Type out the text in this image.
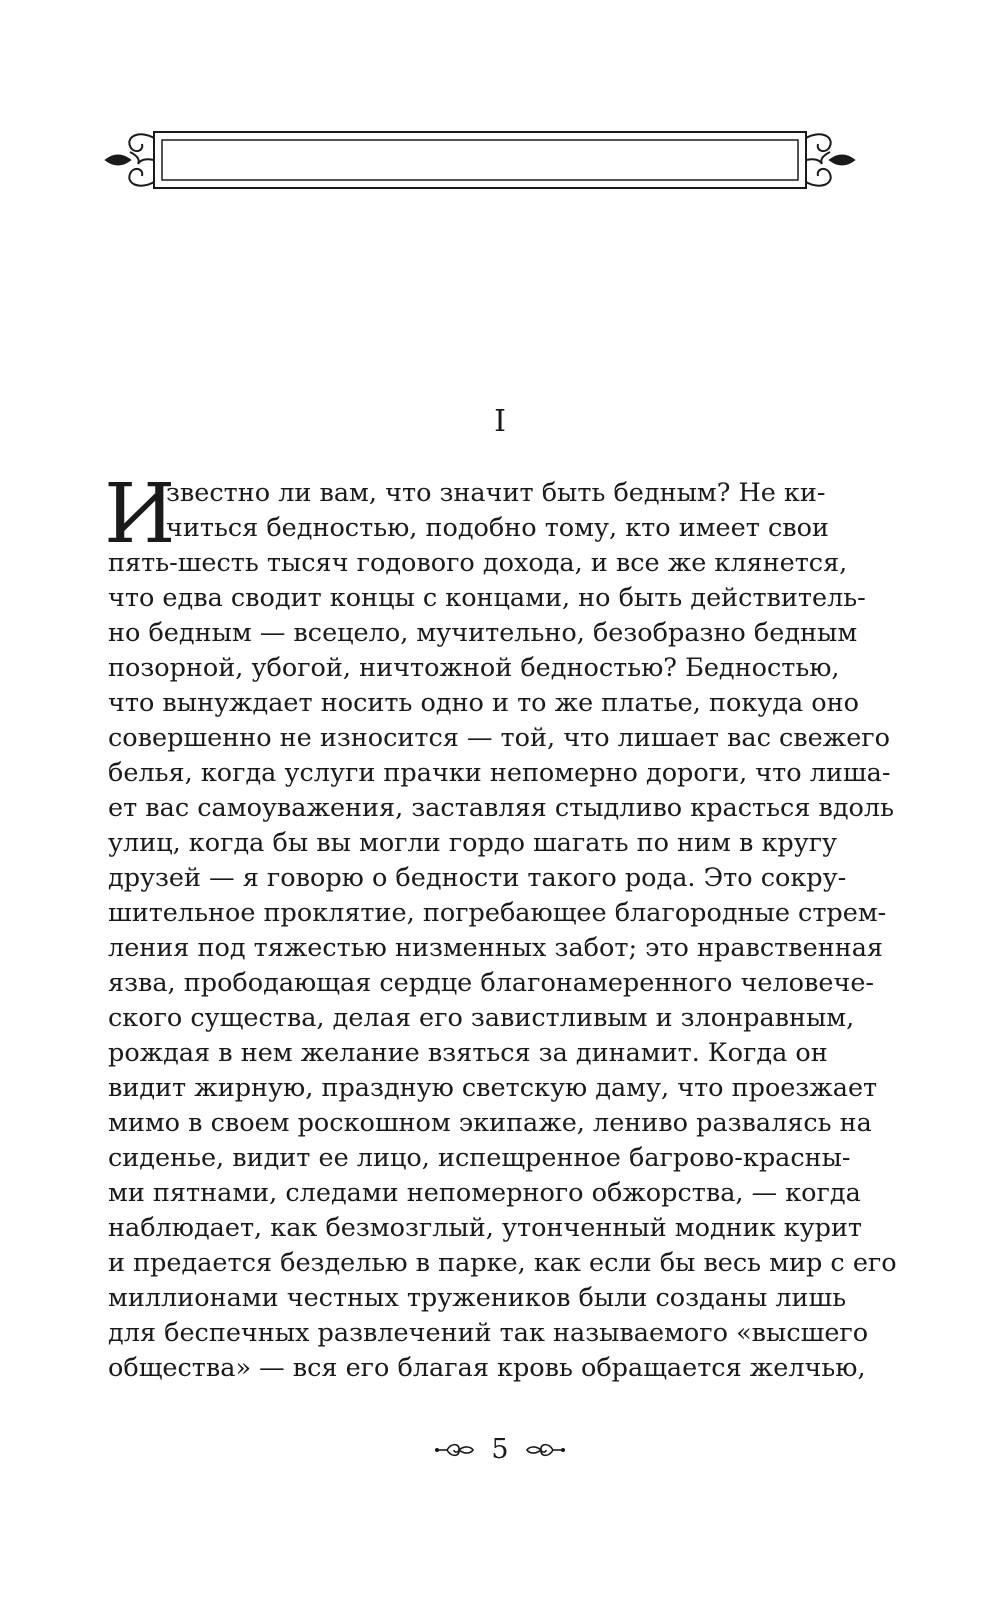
I
И
звестно ли вам, что значит быть бедным? Не ки-
читься бедностью, подобно тому, кто имеет свои
пять-шесть тысяч годового дохода, и все же клянется,
что едва сводит концы с концами, но быть действитель-
но бедным — всецело, мучительно, безобразно бедным
позорной, убогой, ничтожной бедностью? Бедностью,
что вынуждает носить одно и то же платье, покуда оно
совершенно не износится — той, что лишает вас свежего
белья, когда услуги прачки непомерно дороги, что лиша-
ет вас самоуважения, заставляя стыдливо красться вдоль
улиц, когда бы вы могли гордо шагать по ним в кругу
друзей — я говорю о бедности такого рода. Это сокру-
шительное проклятие, погребающее благородные стрем-
ления под тяжестью низменных забот; это нравственная
язва, прободающая сердце благонамеренного человече-
ского существа, делая его завистливым и злонравным,
рождая в нем желание взяться за динамит. Когда он
видит жирную, праздную светскую даму, что проезжает
мимо в своем роскошном экипаже, лениво развалясь на
сиденье, видит ее лицо, испещренное багрово-красны-
ми пятнами, следами непомерного обжорства, — когда
наблюдает, как безмозглый, утонченный модник курит
и предается безделью в парке, как если бы весь мир с его
миллионами честных тружеников были созданы лишь
для беспечных развлечений так называемого «высшего
общества» — вся его благая кровь обращается желчью,
5
